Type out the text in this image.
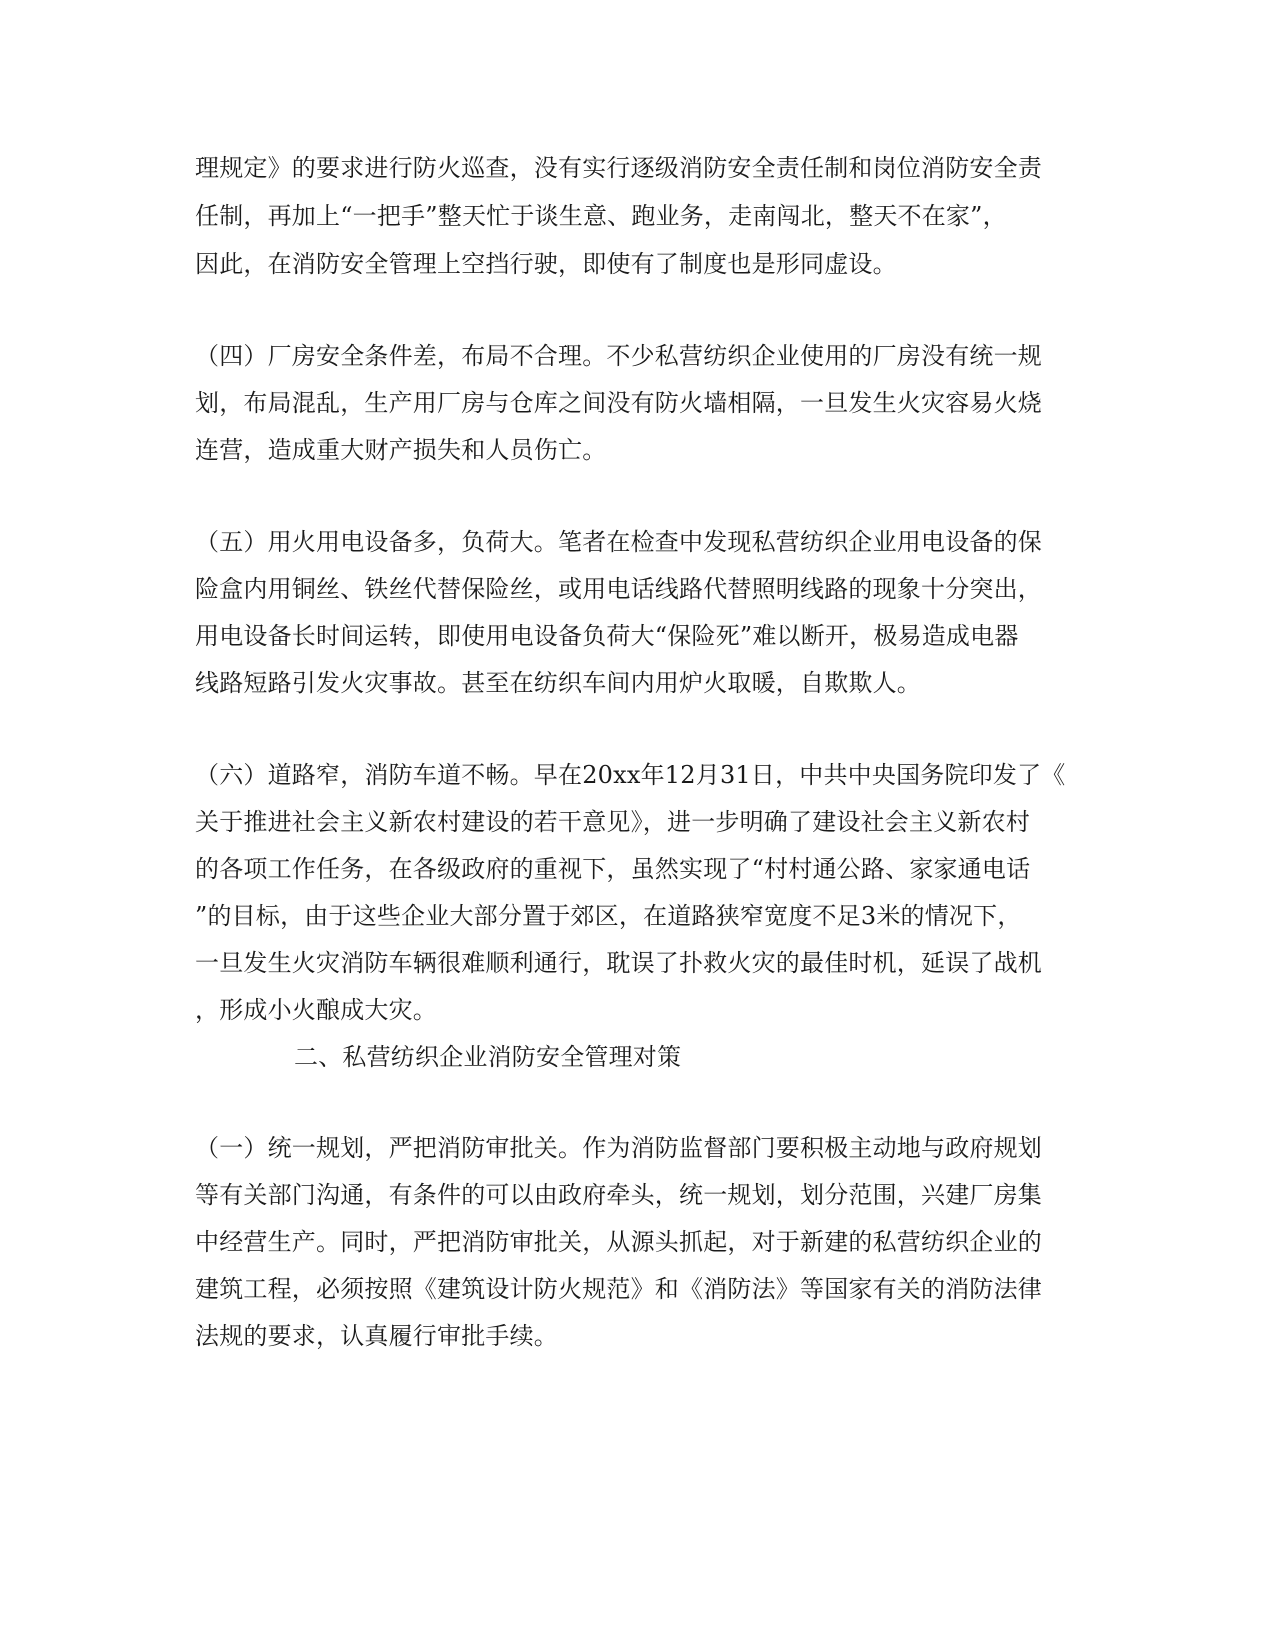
理规定》的要求进行防火巡查，没有实行逐级消防安全责任制和岗位消防安全责

任制，再加上“一把手”整天忙于谈生意、跑业务，走南闯北，整天不在家”，

因此，在消防安全管理上空挡行驶，即使有了制度也是形同虚设。

（四）厂房安全条件差，布局不合理。不少私营纺织企业使用的厂房没有统一规

划，布局混乱，生产用厂房与仓库之间没有防火墙相隔，一旦发生火灾容易火烧

连营，造成重大财产损失和人员伤亡。

（五）用火用电设备多，负荷大。笔者在检查中发现私营纺织企业用电设备的保

险盒内用铜丝、铁丝代替保险丝，或用电话线路代替照明线路的现象十分突出，

用电设备长时间运转，即使用电设备负荷大“保险死”难以断开，极易造成电器

线路短路引发火灾事故。甚至在纺织车间内用炉火取暖，自欺欺人。

（六）道路窄，消防车道不畅。早在20xx年12月31日，中共中央国务院印发了《

关于推进社会主义新农村建设的若干意见》，进一步明确了建设社会主义新农村

的各项工作任务，在各级政府的重视下，虽然实现了“村村通公路、家家通电话

”的目标，由于这些企业大部分置于郊区，在道路狭窄宽度不足3米的情况下，

一旦发生火灾消防车辆很难顺利通行，耽误了扑救火灾的最佳时机，延误了战机

，形成小火酿成大灾。

二、私营纺织企业消防安全管理对策

（一）统一规划，严把消防审批关。作为消防监督部门要积极主动地与政府规划

等有关部门沟通，有条件的可以由政府牵头，统一规划，划分范围，兴建厂房集

中经营生产。同时，严把消防审批关，从源头抓起，对于新建的私营纺织企业的

建筑工程，必须按照《建筑设计防火规范》和《消防法》等国家有关的消防法律

法规的要求，认真履行审批手续。
